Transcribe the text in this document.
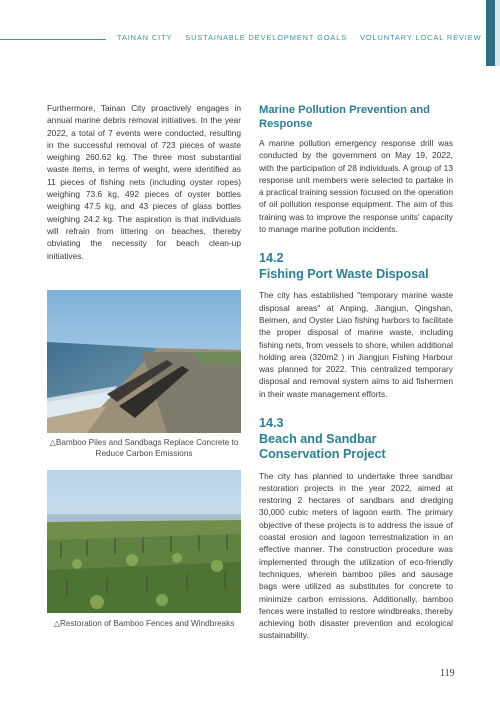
TAINAN CITY SUSTAINABLE DEVELOPMENT GOALS VOLUNTARY LOCAL REVIEW

Furthermore, Tainan City proactively engages in annual marine debris removal initiatives. In the year 2022, a total of 7 events were conducted, resulting in the successful removal of 723 pieces of waste weighing 260.62 kg. The three most substantial waste items, in terms of weight, were identified as 11 pieces of fishing nets (including oyster ropes) weighing 73.6 kg, 492 pieces of oyster bottles weighing 47.5 kg, and 43 pieces of glass bottles weighing 24.2 kg. The aspiration is that individuals will refrain from littering on beaches, thereby obviating the necessity for beach clean-up initiatives.

△Bamboo Piles and Sandbags Replace Concrete to Reduce Carbon Emissions
△Restoration of Bamboo Fences and Windbreaks
Marine Pollution Prevention and Response

A marine pollution emergency response drill was conducted by the government on May 19, 2022, with the participation of 28 individuals. A group of 13 response unit members were selected to partake in a practical training session focused on the operation of oil pollution response equipment. The aim of this training was to improve the response units' capacity to manage marine pollution incidents.

14.2
Fishing Port Waste Disposal

The city has established "temporary marine waste disposal areas" at Anping, Jiangjun, Qingshan, Beimen, and Oyster Liao fishing harbors to facilitate the proper disposal of marine waste, including fishing nets, from vessels to shore, whilen additional holding area (320m2 ) in Jiangjun Fishing Harbour was planned for 2022. This centralized temporary disposal and removal system aims to aid fishermen in their waste management efforts.

14.3
Beach and Sandbar Conservation Project

The city has planned to undertake three sandbar restoration projects in the year 2022, aimed at restoring 2 hectares of sandbars and dredging 30,000 cubic meters of lagoon earth. The primary objective of these projects is to address the issue of coastal erosion and lagoon terrestrialization in an effective manner. The construction procedure was implemented through the utilization of eco-friendly techniques, wherein bamboo piles and sausage bags were utilized as substitutes for concrete to minimize carbon emissions. Additionally, bamboo fences were installed to restore windbreaks, thereby achieving both disaster prevention and ecological sustainability.

119
